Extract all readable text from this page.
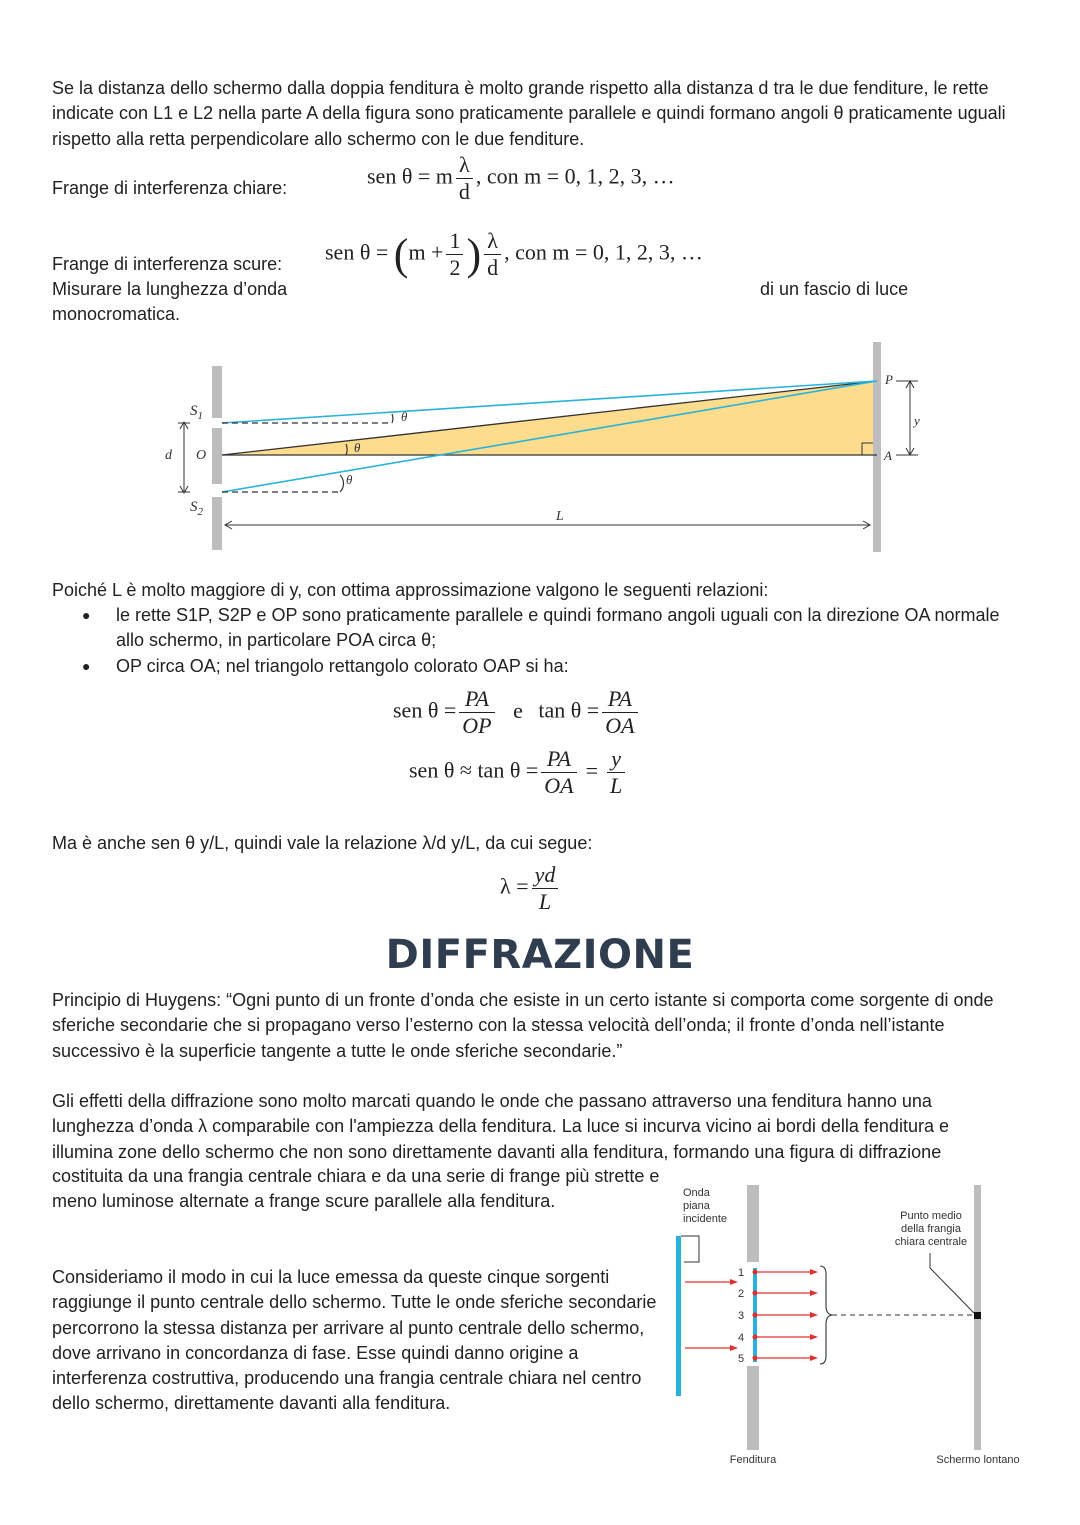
Se la distanza dello schermo dalla doppia fenditura è molto grande rispetto alla distanza d tra le due fenditure, le rette indicate con L1 e L2 nella parte A della figura sono praticamente parallele e quindi formano angoli θ praticamente uguali rispetto alla retta perpendicolare allo schermo con le due fenditure.

Frange di interferenza chiare:	sen θ = m $\frac{\lambda}{d}$ , con m = 0, 1, 2, 3, …
Frange di interferenza scure:	sen $\theta = (m + \frac{1}{2}$ ) $\frac{\lambda}{d}$ , con m = 0, 1, 2, 3, …
Misurare la lunghezza d’onda	di un fascio di luce
monocromatica.
$S_1$
$S_2$
d O
θ
θ
θ
P
A
y
L

Poiché L è molto maggiore di y, con ottima approssimazione valgono le seguenti relazioni:

● le rette S1P, S2P e OP sono praticamente parallele e quindi formano angoli uguali con la direzione OA normale allo schermo, in particolare POA circa θ;
● OP circa OA; nel triangolo rettangolo colorato OAP si ha:
sen $\theta = \frac{PA}{OP}$ e $\tan \theta = \frac{PA}{OA}$
sen $\theta \approx \tan \theta = \frac{PA}{OA} = \frac{y}{L}$

Ma è anche sen θ y/L, quindi vale la relazione λ/d y/L, da cui segue:

$\lambda = \frac{yd}{L}$
DIFFRAZIONE

Principio di Huygens: “Ogni punto di un fronte d’onda che esiste in un certo istante si comporta come sorgente di onde sferiche secondarie che si propagano verso l’esterno con la stessa velocità dell’onda; il fronte d’onda nell’istante successivo è la superficie tangente a tutte le onde sferiche secondarie.”

Gli effetti della diffrazione sono molto marcati quando le onde che passano attraverso una fenditura hanno una lunghezza d’onda λ comparabile con l'ampiezza della fenditura. La luce si incurva vicino ai bordi della fenditura e illumina zone dello schermo che non sono direttamente davanti alla fenditura, formando una figura di diffrazione

costituita da una frangia centrale chiara e da una serie di frange più strette e meno luminose alternate a frange scure parallele alla fenditura.

Consideriamo il modo in cui la luce emessa da queste cinque sorgenti raggiunge il punto centrale dello schermo. Tutte le onde sferiche secondarie percorrono la stessa distanza per arrivare al punto centrale dello schermo, dove arrivano in concordanza di fase. Esse quindi danno origine a interferenza costruttiva, producendo una frangia centrale chiara nel centro dello schermo, direttamente davanti alla fenditura.

Onda
piana
incidente
1
2
3
4
5
Punto medio
della frangia
chiara centrale
Fenditura	Schermo lontano
